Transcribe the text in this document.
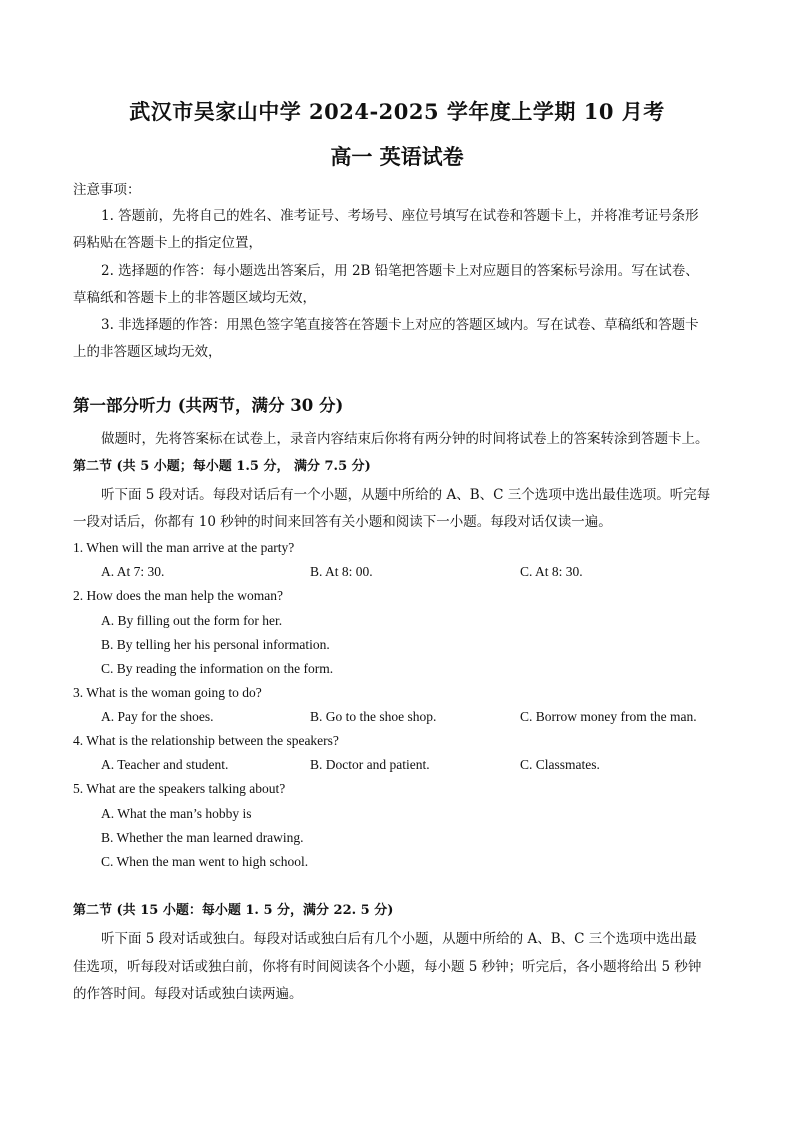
武汉市吴家山中学 2024-2025 学年度上学期 10 月考
高一 英语试卷
注意事项：
1. 答题前，先将自己的姓名、准考证号、考场号、座位号填写在试卷和答题卡上，并将准考证号条形
码粘贴在答题卡上的指定位置，
2. 选择题的作答：每小题选出答案后，用 2B 铅笔把答题卡上对应题目的答案标号涂用。写在试卷、
草稿纸和答题卡上的非答题区域均无效，
3. 非选择题的作答：用黑色签字笔直接答在答题卡上对应的答题区域内。写在试卷、草稿纸和答题卡
上的非答题区域均无效，
第一部分听力 (共两节，满分 30 分)
做题时，先将答案标在试卷上，录音内容结束后你将有两分钟的时间将试卷上的答案转涂到答题卡上。
第二节 (共 5 小题；每小题 1.5 分， 满分 7.5 分)
听下面 5 段对话。每段对话后有一个小题，从题中所给的 A、B、C 三个选项中选出最佳选项。听完每
一段对话后，你都有 10 秒钟的时间来回答有关小题和阅读下一小题。每段对话仅读一遍。
1. When will the man arrive at the party?
A. At 7: 30.	B. At 8: 00.	C. At 8: 30.
2. How does the man help the woman?
A. By filling out the form for her.
B. By telling her his personal information.
C. By reading the information on the form.
3. What is the woman going to do?
A. Pay for the shoes.	B. Go to the shoe shop.	C. Borrow money from the man.
4. What is the relationship between the speakers?
A. Teacher and student.	B. Doctor and patient.	C. Classmates.
5. What are the speakers talking about?
A. What the man’s hobby is
B. Whether the man learned drawing.
C. When the man went to high school.
第二节 (共 15 小题：每小题 1. 5 分，满分 22. 5 分)
听下面 5 段对话或独白。每段对话或独白后有几个小题，从题中所给的 A、B、C 三个选项中选出最
佳选项，听每段对话或独白前，你将有时间阅读各个小题，每小题 5 秒钟；听完后，各小题将给出 5 秒钟
的作答时间。每段对话或独白读两遍。
